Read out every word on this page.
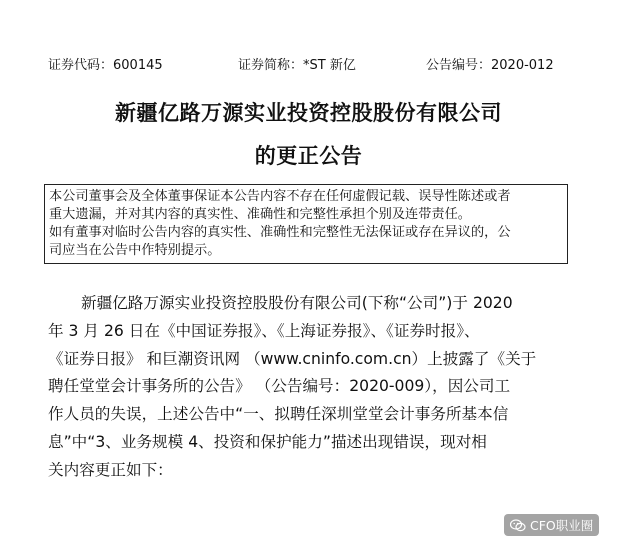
证券代码：600145	证券简称：*ST 新亿	公告编号：2020-012
新疆亿路万源实业投资控股股份有限公司
的更正公告

本公司董事会及全体董事保证本公告内容不存在任何虚假记载、误导性陈述或者

重大遗漏，并对其内容的真实性、准确性和完整性承担个别及连带责任。

如有董事对临时公告内容的真实性、准确性和完整性无法保证或存在异议的，公

司应当在公告中作特别提示。

新疆亿路万源实业投资控股股份有限公司(下称“公司”)于 2020
年 3 月 26 日在《中国证券报》、《上海证券报》、《证券时报》、
《证券日报》 和巨潮资讯网 （www.cninfo.com.cn）上披露了《关于
聘任堂堂会计事务所的公告》 （公告编号：2020-009），因公司工
作人员的失误，上述公告中“一、拟聘任深圳堂堂会计事务所基本信
息”中“3、业务规模 4、投资和保护能力”描述出现错误，现对相
关内容更正如下：
CFO职业圈
